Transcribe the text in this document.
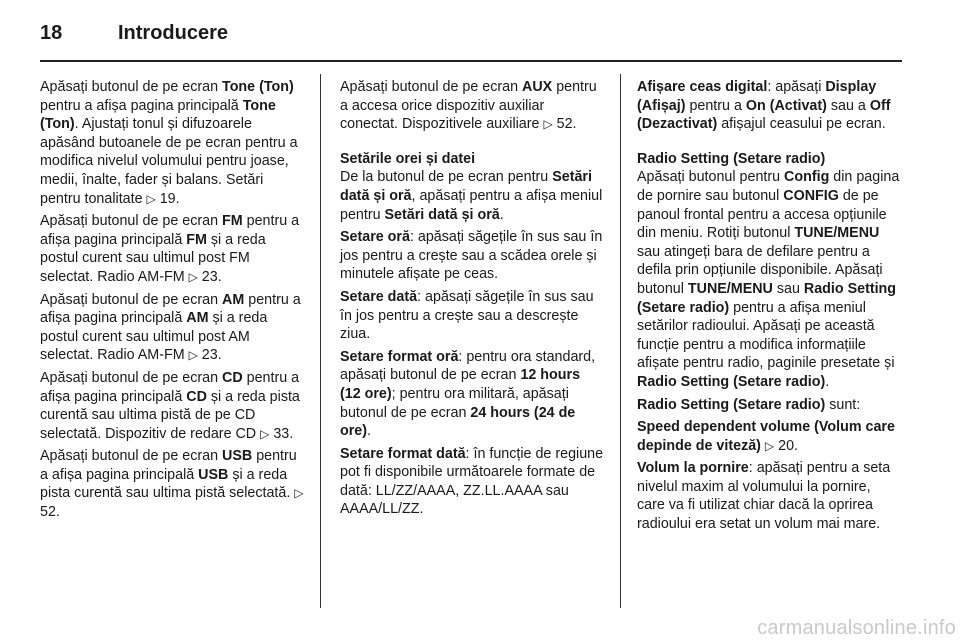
18	Introducere

Apăsați butonul de pe ecran Tone (Ton) pentru a afișa pagina principală Tone (Ton). Ajustați tonul și difuzoarele apăsând butoanele de pe ecran pentru a modifica nivelul volumului pentru joase, medii, înalte, fader și balans. Setări pentru tonalitate ▷ 19.

Apăsați butonul de pe ecran FM pentru a afișa pagina principală FM și a reda postul curent sau ultimul post FM selectat. Radio AM-FM ▷ 23.

Apăsați butonul de pe ecran AM pentru a afișa pagina principală AM și a reda postul curent sau ultimul post AM selectat. Radio AM-FM ▷ 23.

Apăsați butonul de pe ecran CD pentru a afișa pagina principală CD și a reda pista curentă sau ultima pistă de pe CD selectată. Dispozitiv de redare CD ▷ 33.

Apăsați butonul de pe ecran USB pentru a afișa pagina principală USB și a reda pista curentă sau ultima pistă selectată. ▷ 52.

Apăsați butonul de pe ecran AUX pentru a accesa orice dispozitiv auxiliar conectat. Dispozitivele auxiliare ▷ 52.

Setările orei și datei

De la butonul de pe ecran pentru Setări dată și oră, apăsați pentru a afișa meniul pentru Setări dată și oră.

Setare oră: apăsați săgețile în sus sau în jos pentru a crește sau a scădea orele și minutele afișate pe ceas.

Setare dată: apăsați săgețile în sus sau în jos pentru a crește sau a descrește ziua.

Setare format oră: pentru ora standard, apăsați butonul de pe ecran 12 hours (12 ore); pentru ora militară, apăsați butonul de pe ecran 24 hours (24 de ore).

Setare format dată: în funcție de regiune pot fi disponibile următoarele formate de dată: LL/ZZ/AAAA, ZZ.LL.AAAA sau AAAA/LL/ZZ.

Afișare ceas digital: apăsați Display (Afișaj) pentru a On (Activat) sau a Off (Dezactivat) afișajul ceasului pe ecran.

Radio Setting (Setare radio)

Apăsați butonul pentru Config din pagina de pornire sau butonul CONFIG de pe panoul frontal pentru a accesa opțiunile din meniu. Rotiți butonul TUNE/MENU sau atingeți bara de defilare pentru a defila prin opțiunile disponibile. Apăsați butonul TUNE/MENU sau Radio Setting (Setare radio) pentru a afișa meniul setărilor radioului. Apăsați pe această funcție pentru a modifica informațiile afișate pentru radio, paginile presetate și Radio Setting (Setare radio).

Radio Setting (Setare radio) sunt:

Speed dependent volume (Volum care depinde de viteză) ▷ 20.

Volum la pornire: apăsați pentru a seta nivelul maxim al volumului la pornire, care va fi utilizat chiar dacă la oprirea radioului era setat un volum mai mare.

carmanualsonline.info
